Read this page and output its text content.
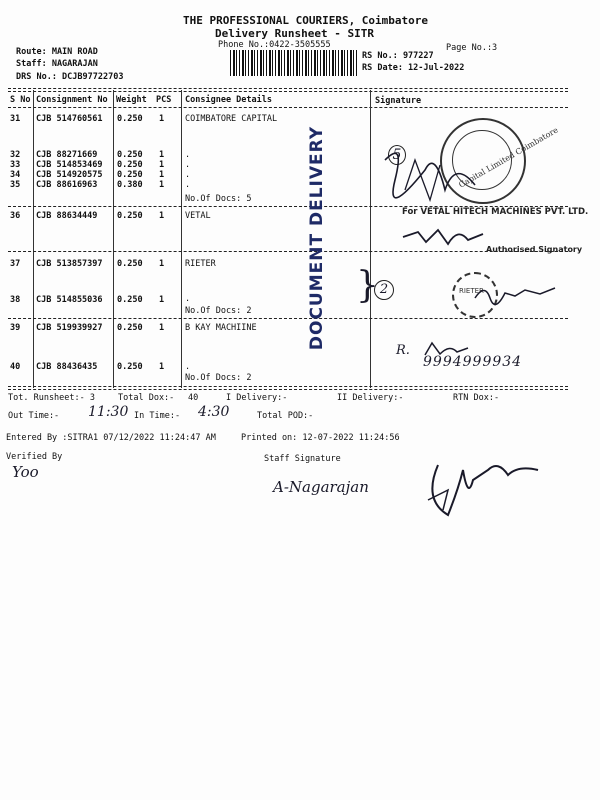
THE PROFESSIONAL COURIERS, Coimbatore
Delivery Runsheet - SITR
Phone No.:0422-3505555	Page No.:3
Route: MAIN ROAD
Staff: NAGARAJAN
DRS No.: DCJB97722703
RS No.: 977227
RS Date: 12-Jul-2022
S No Consignment No Weight PCS Consignee Details	Signature
31 CJB 514760561 0.250 1 COIMBATORE CAPITAL
32 CJB 88271669 0.250 1 .
33 CJB 514853469 0.250 1 .
34 CJB 514920575 0.250 1 .
35 CJB 88616963 0.380 1 .
No.Of Docs: 5
36 CJB 88634449 0.250 1 VETAL
37 CJB 513857397 0.250 1 RIETER
38 CJB 514855036 0.250 1 .
No.Of Docs: 2
39 CJB 519939927 0.250 1 B KAY MACHIINE
40 CJB 88436435 0.250 1 .
No.Of Docs: 2
DOCUMENT DELIVERY	Capital Limited Coimbatore
5
For VETAL HITECH MACHINES PVT. LTD.
Authorised Signatory
2
}	RIETER
R.
9994999934
Tot. Runsheet:- 3	Total Dox:- 40	I Delivery:-	II Delivery:-	RTN Dox:-
Out Time:- 11:30 In Time:- 4:30	Total POD:-
Entered By :SITRA1 07/12/2022 11:24:47 AM	Printed on: 12-07-2022 11:24:56
Verified By
Yoo
Staff Signature
A-Nagarajan
